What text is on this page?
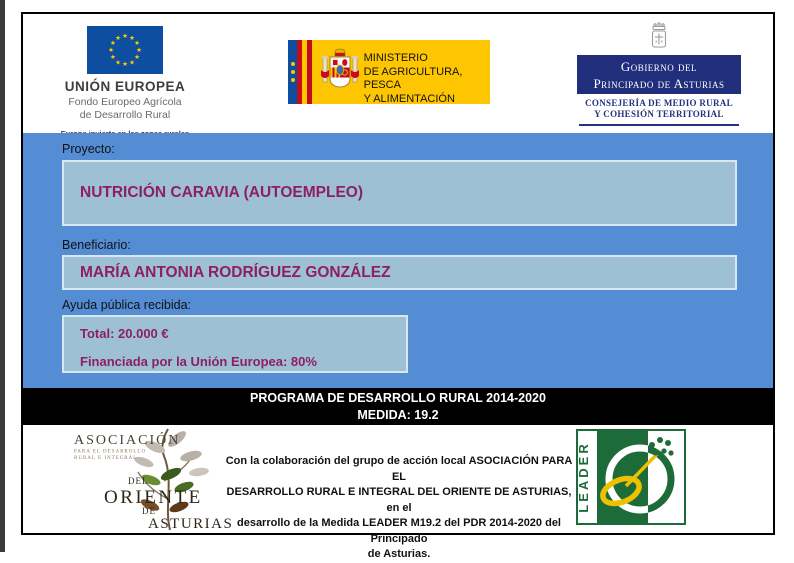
★ ★
★
★
★
★
★
★
★
★
★
★
UNIÓN EUROPEA
Fondo Europeo Agrícola
de Desarrollo Rural
MINISTERIO
DE AGRICULTURA, PESCA
Y ALIMENTACIÓN
Gobierno del
Principado de Asturias
CONSEJERÍA DE MEDIO RURAL
Y COHESIÓN TERRITORIAL
Proyecto:
NUTRICIÓN CARAVIA (AUTOEMPLEO)
Beneficiario:
MARÍA ANTONIA RODRÍGUEZ GONZÁLEZ
Ayuda pública recibida:
Total: 20.000 €
Financiada por la Unión Europea: 80%
PROGRAMA DE DESARROLLO RURAL 2014-2020
MEDIDA: 19.2
ASOCIACIÓN
PARA EL DESARROLLO
RURAL E INTEGRAL
DEL
ORIENTE
DE
ASTURIAS
Con la colaboración del grupo de acción local ASOCIACIÓN PARA EL
DESARROLLO RURAL E INTEGRAL DEL ORIENTE DE ASTURIAS, en el
desarrollo de la Medida LEADER M19.2 del PDR 2014-2020 del Principado
de Asturias.
LEADER
